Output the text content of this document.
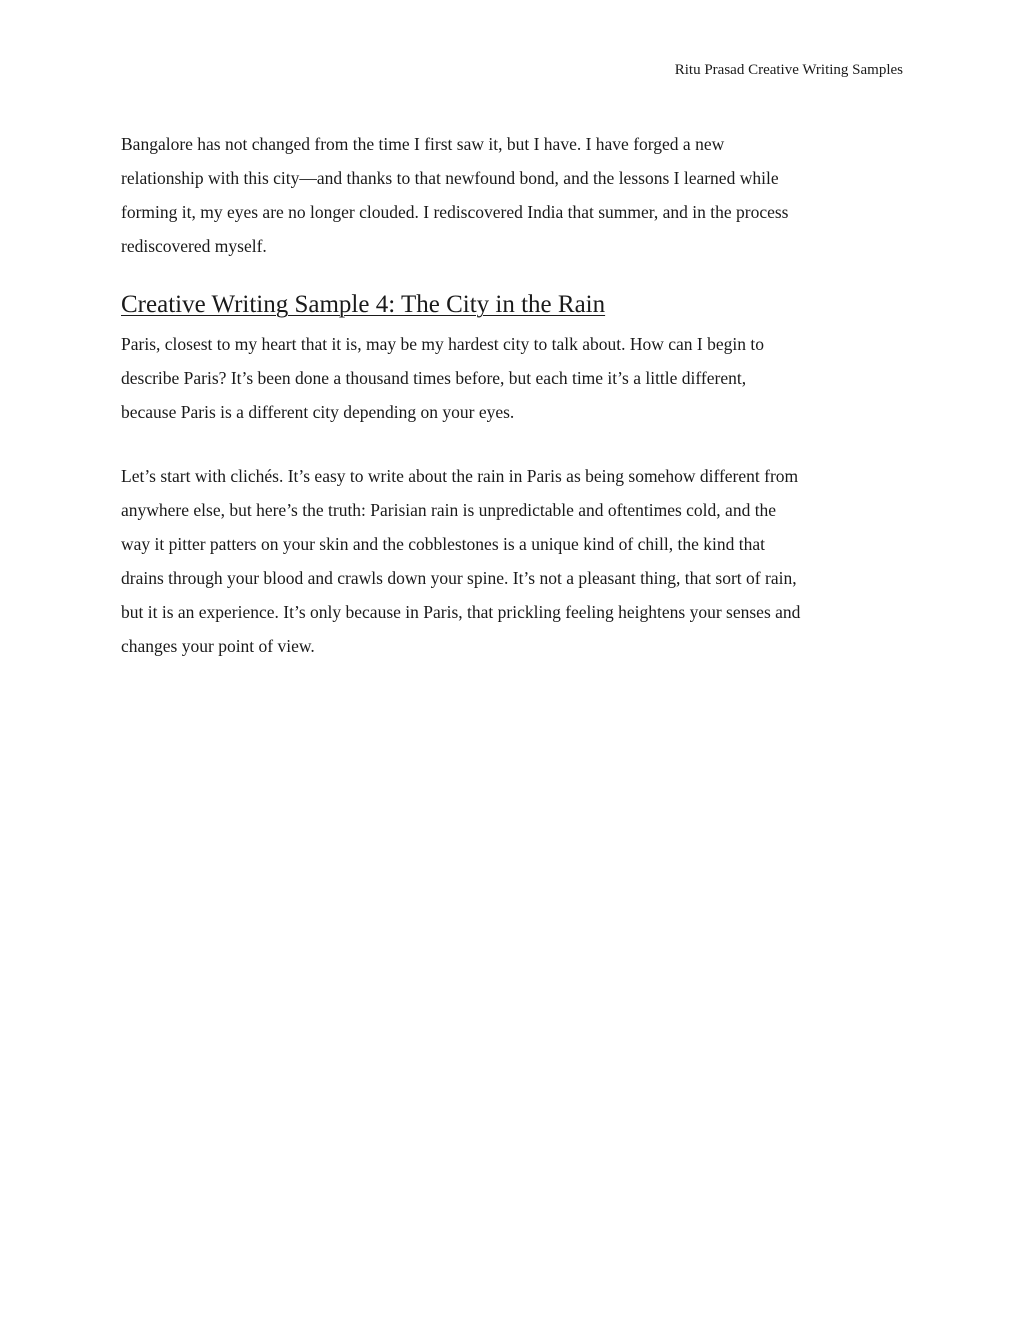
Ritu Prasad Creative Writing Samples
Bangalore has not changed from the time I first saw it, but I have. I have forged a new
relationship with this city—and thanks to that newfound bond, and the lessons I learned while
forming it, my eyes are no longer clouded. I rediscovered India that summer, and in the process
rediscovered myself.
Creative Writing Sample 4: The City in the Rain
Paris, closest to my heart that it is, may be my hardest city to talk about. How can I begin to
describe Paris? It’s been done a thousand times before, but each time it’s a little different,
because Paris is a different city depending on your eyes.
Let’s start with clichés. It’s easy to write about the rain in Paris as being somehow different from
anywhere else, but here’s the truth: Parisian rain is unpredictable and oftentimes cold, and the
way it pitter patters on your skin and the cobblestones is a unique kind of chill, the kind that
drains through your blood and crawls down your spine. It’s not a pleasant thing, that sort of rain,
but it is an experience. It’s only because in Paris, that prickling feeling heightens your senses and
changes your point of view.
